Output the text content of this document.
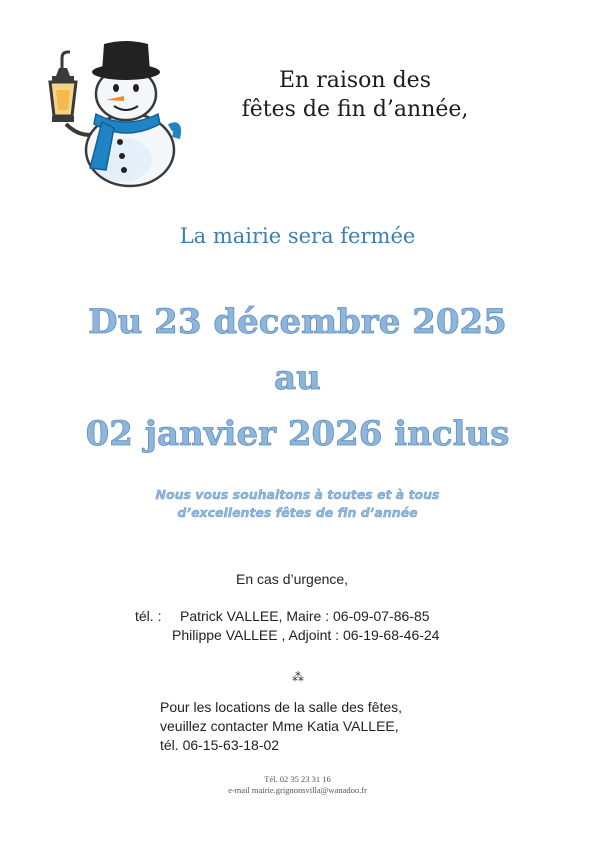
En raison des
fêtes de fin d’année,
La mairie sera fermée
Du 23 décembre 2025
au
02 janvier 2026 inclus
Nous vous souhaitons à toutes et à tous
d’excellentes fêtes de fin d’année
En cas d’urgence,
tél. : Patrick VALLEE, Maire : 06-09-07-86-85
Philippe VALLEE , Adjoint : 06-19-68-46-24
⁂
Pour les locations de la salle des fêtes,
veuillez contacter Mme Katia VALLEE,
tél. 06-15-63-18-02
Tél. 02 35 23 31 16
e-mail mairie.grignonsvilla@wanadoo.fr
